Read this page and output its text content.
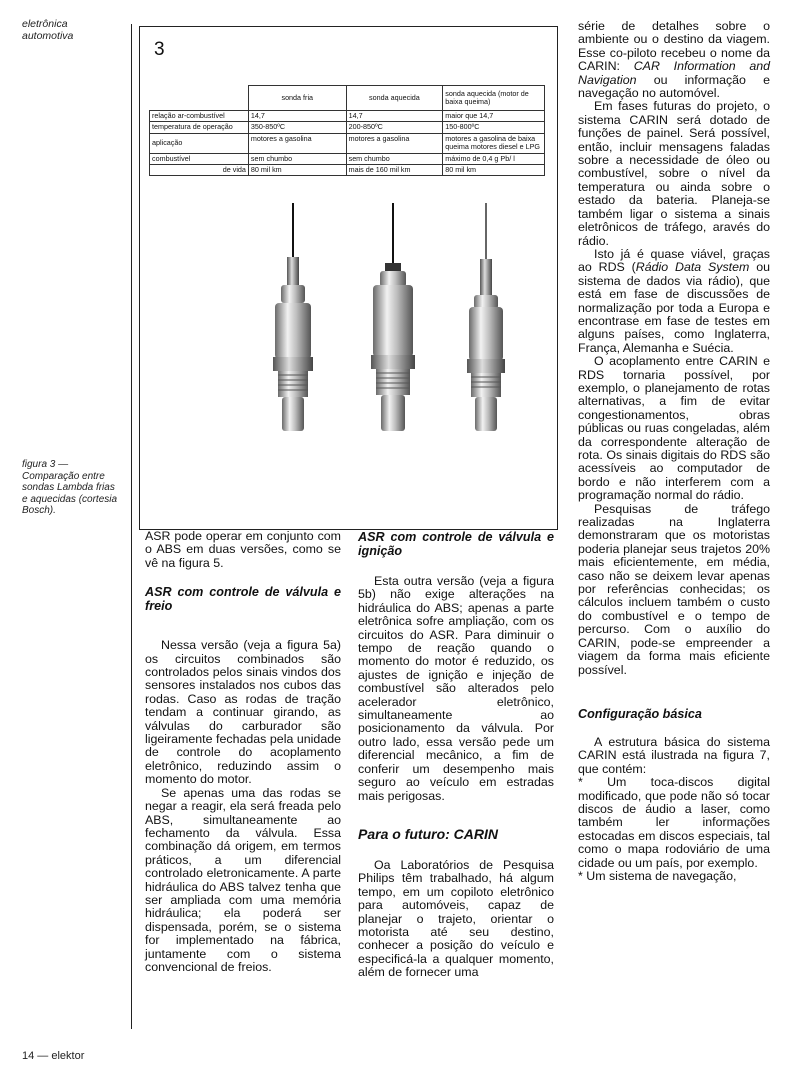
eletrônica
automotiva
figura 3 — Comparação entre sondas Lambda frias e aquecidas (cortesia Bosch).
14 — elektor
3
	sonda fria	sonda aquecida	sonda aquecida (motor de baixa queima)
relação ar-combustível	14,7	14,7	maior que 14,7
temperatura de operação	350-850ºC	200-850ºC	150-800ºC
aplicação	motores a gasolina	motores a gasolina	motores a gasolina de baixa queima motores diesel e LPG
combustível	sem chumbo	sem chumbo	máximo de 0,4 g Pb/ l
de vida	80 mil km	mais de 160 mil km	80 mil km

ASR pode operar em conjunto com o ABS em duas versões, como se vê na figura 5.

ASR com controle de válvula e freio

Nessa versão (veja a figura 5a) os circuitos combinados são controlados pelos sinais vindos dos sensores instalados nos cubos das rodas. Caso as rodas de tração tendam a continuar girando, as válvulas do carburador são ligeiramente fechadas pela unidade de controle do acoplamento eletrônico, reduzindo assim o momento do motor.

Se apenas uma das rodas se negar a reagir, ela será freada pelo ABS, simultaneamente ao fechamento da válvula. Essa combinação dá origem, em termos práticos, a um diferencial controlado eletronicamente. A parte hidráulica do ABS talvez tenha que ser ampliada com uma memória hidráulica; ela poderá ser dispensada, porém, se o sistema for implementado na fábrica, juntamente com o sistema convencional de freios.

ASR com controle de válvula e ignição

Esta outra versão (veja a figura 5b) não exige alterações na hidráulica do ABS; apenas a parte eletrônica sofre ampliação, com os circuitos do ASR. Para diminuir o tempo de reação quando o momento do motor é reduzido, os ajustes de ignição e injeção de combustível são alterados pelo acelerador eletrônico, simultaneamente ao posicionamento da válvula. Por outro lado, essa versão pede um diferencial mecânico, a fim de conferir um desempenho mais seguro ao veículo em estradas mais perigosas.

Para o futuro: CARIN

Oa Laboratórios de Pesquisa Philips têm trabalhado, há algum tempo, em um copiloto eletrônico para automóveis, capaz de planejar o trajeto, orientar o motorista até seu destino, conhecer a posição do veículo e especificá-la a qualquer momento, além de fornecer uma

série de detalhes sobre o ambiente ou o destino da viagem. Esse co-piloto recebeu o nome da CARIN: CAR Information and Navigation ou informação e navegação no automóvel.

Em fases futuras do projeto, o sistema CARIN será dotado de funções de painel. Será possível, então, incluir mensagens faladas sobre a necessidade de óleo ou combustível, sobre o nível da temperatura ou ainda sobre o estado da bateria. Planeja-se também ligar o sistema a sinais eletrônicos de tráfego, aravés do rádio.

Isto já é quase viável, graças ao RDS (Rádio Data System ou sistema de dados via rádio), que está em fase de discussões de normalização por toda a Europa e encontrase em fase de testes em alguns países, como Inglaterra, França, Alemanha e Suécia.

O acoplamento entre CARIN e RDS tornaria possível, por exemplo, o planejamento de rotas alternativas, a fim de evitar congestionamentos, obras públicas ou ruas congeladas, além da correspondente alteração de rota. Os sinais digitais do RDS são acessíveis ao computador de bordo e não interferem com a programação normal do rádio.

Pesquisas de tráfego realizadas na Inglaterra demonstraram que os motoristas poderia planejar seus trajetos 20% mais eficientemente, em média, caso não se deixem levar apenas por referências conhecidas; os cálculos incluem também o custo do combustível e o tempo de percurso. Com o auxílio do CARIN, pode-se empreender a viagem da forma mais eficiente possível.

Configuração básica

A estrutura básica do sistema CARIN está ilustrada na figura 7, que contém:

* Um toca-discos digital modificado, que pode não só tocar discos de áudio a laser, como também ler informações estocadas em discos especiais, tal como o mapa rodoviário de uma cidade ou um país, por exemplo.

* Um sistema de navegação,
